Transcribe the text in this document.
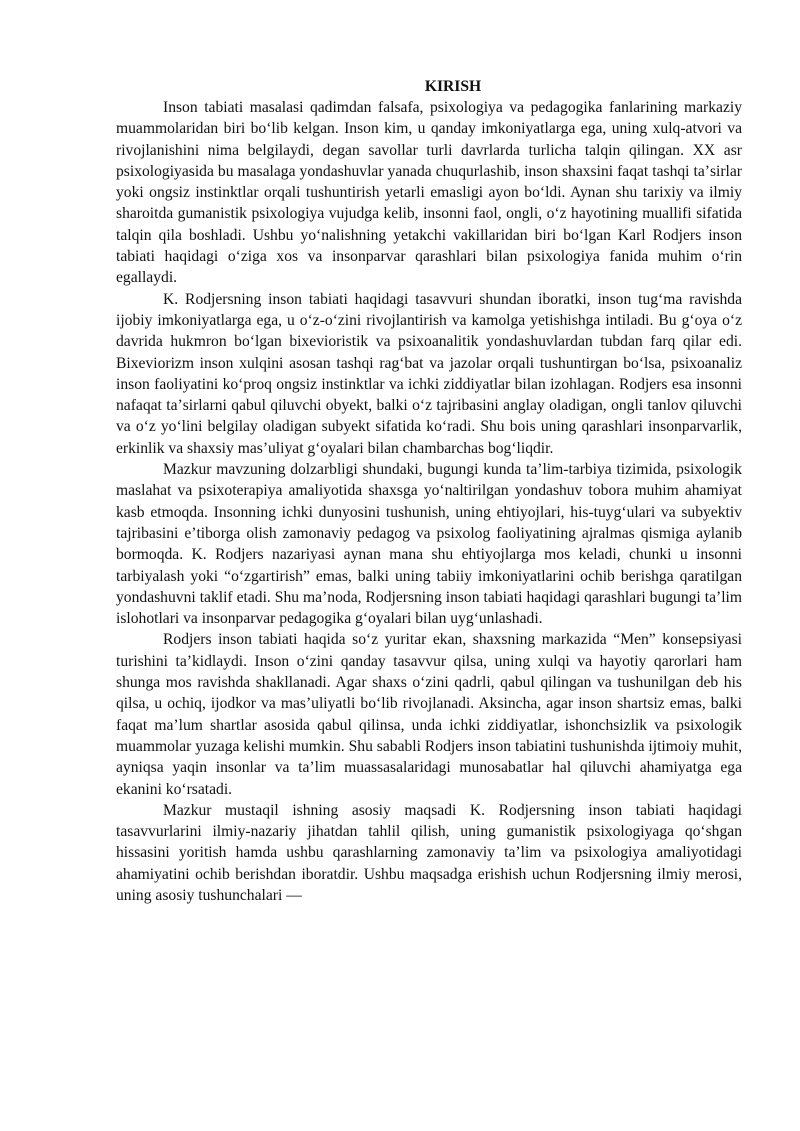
KIRISH

Inson tabiati masalasi qadimdan falsafa, psixologiya va pedagogika fanlarining markaziy muammolaridan biri boʻlib kelgan. Inson kim, u qanday imkoniyatlarga ega, uning xulq-atvori va rivojlanishini nima belgilaydi, degan savollar turli davrlarda turlicha talqin qilingan. XX asr psixologiyasida bu masalaga yondashuvlar yanada chuqurlashib, inson shaxsini faqat tashqi taʼsirlar yoki ongsiz instinktlar orqali tushuntirish yetarli emasligi ayon boʻldi. Aynan shu tarixiy va ilmiy sharoitda gumanistik psixologiya vujudga kelib, insonni faol, ongli, oʻz hayotining muallifi sifatida talqin qila boshladi. Ushbu yoʻnalishning yetakchi vakillaridan biri boʻlgan Karl Rodjers inson tabiati haqidagi oʻziga xos va insonparvar qarashlari bilan psixologiya fanida muhim oʻrin egallaydi.

K. Rodjersning inson tabiati haqidagi tasavvuri shundan iboratki, inson tugʻma ravishda ijobiy imkoniyatlarga ega, u oʻz-oʻzini rivojlantirish va kamolga yetishishga intiladi. Bu gʻoya oʻz davrida hukmron boʻlgan bixevioristik va psixoanalitik yondashuvlardan tubdan farq qilar edi. Bixeviorizm inson xulqini asosan tashqi ragʻbat va jazolar orqali tushuntirgan boʻlsa, psixoanaliz inson faoliyatini koʻproq ongsiz instinktlar va ichki ziddiyatlar bilan izohlagan. Rodjers esa insonni nafaqat taʼsirlarni qabul qiluvchi obyekt, balki oʻz tajribasini anglay oladigan, ongli tanlov qiluvchi va oʻz yoʻlini belgilay oladigan subyekt sifatida koʻradi. Shu bois uning qarashlari insonparvarlik, erkinlik va shaxsiy masʼuliyat gʻoyalari bilan chambarchas bogʻliqdir.

Mazkur mavzuning dolzarbligi shundaki, bugungi kunda taʼlim-tarbiya tizimida, psixologik maslahat va psixoterapiya amaliyotida shaxsga yoʻnaltirilgan yondashuv tobora muhim ahamiyat kasb etmoqda. Insonning ichki dunyosini tushunish, uning ehtiyojlari, his-tuygʻulari va subyektiv tajribasini eʼtiborga olish zamonaviy pedagog va psixolog faoliyatining ajralmas qismiga aylanib bormoqda. K. Rodjers nazariyasi aynan mana shu ehtiyojlarga mos keladi, chunki u insonni tarbiyalash yoki “oʻzgartirish” emas, balki uning tabiiy imkoniyatlarini ochib berishga qaratilgan yondashuvni taklif etadi. Shu maʼnoda, Rodjersning inson tabiati haqidagi qarashlari bugungi taʼlim islohotlari va insonparvar pedagogika gʻoyalari bilan uygʻunlashadi.

Rodjers inson tabiati haqida soʻz yuritar ekan, shaxsning markazida “Men” konsepsiyasi turishini taʼkidlaydi. Inson oʻzini qanday tasavvur qilsa, uning xulqi va hayotiy qarorlari ham shunga mos ravishda shakllanadi. Agar shaxs oʻzini qadrli, qabul qilingan va tushunilgan deb his qilsa, u ochiq, ijodkor va masʼuliyatli boʻlib rivojlanadi. Aksincha, agar inson shartsiz emas, balki faqat maʼlum shartlar asosida qabul qilinsa, unda ichki ziddiyatlar, ishonchsizlik va psixologik muammolar yuzaga kelishi mumkin. Shu sababli Rodjers inson tabiatini tushunishda ijtimoiy muhit, ayniqsa yaqin insonlar va taʼlim muassasalaridagi munosabatlar hal qiluvchi ahamiyatga ega ekanini koʻrsatadi.

Mazkur mustaqil ishning asosiy maqsadi K. Rodjersning inson tabiati haqidagi tasavvurlarini ilmiy-nazariy jihatdan tahlil qilish, uning gumanistik psixologiyaga qoʻshgan hissasini yoritish hamda ushbu qarashlarning zamonaviy taʼlim va psixologiya amaliyotidagi ahamiyatini ochib berishdan iboratdir. Ushbu maqsadga erishish uchun Rodjersning ilmiy merosi, uning asosiy tushunchalari —
